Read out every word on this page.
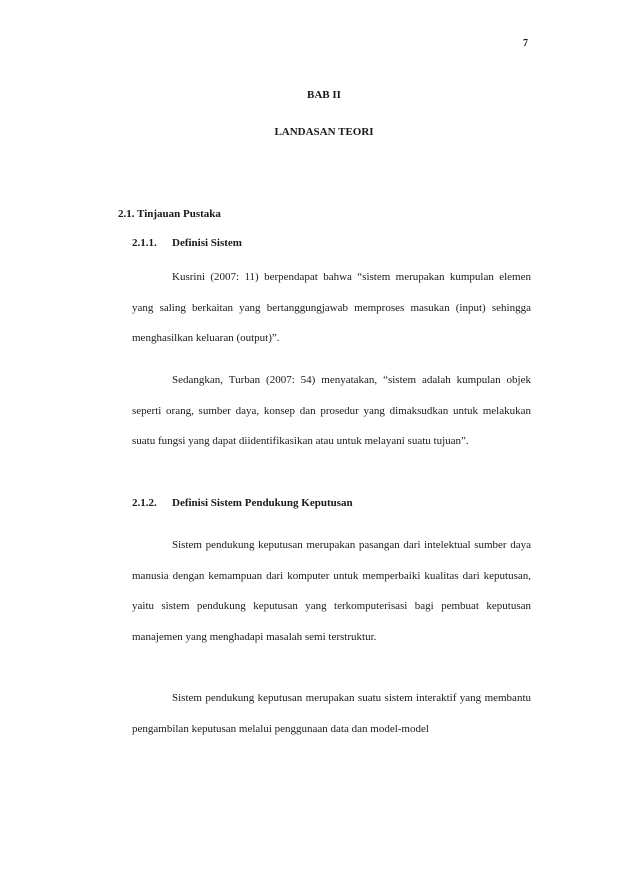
7
BAB II
LANDASAN TEORI
2.1. Tinjauan Pustaka
2.1.1. Definisi Sistem

Kusrini (2007: 11) berpendapat bahwa “sistem merupakan kumpulan elemen yang saling berkaitan yang bertanggungjawab memproses masukan (input) sehingga menghasilkan keluaran (output)”.

Sedangkan, Turban (2007: 54) menyatakan, “sistem adalah kumpulan objek seperti orang, sumber daya, konsep dan prosedur yang dimaksudkan untuk melakukan suatu fungsi yang dapat diidentifikasikan atau untuk melayani suatu tujuan”.

2.1.2. Definisi Sistem Pendukung Keputusan

Sistem pendukung keputusan merupakan pasangan dari intelektual sumber daya manusia dengan kemampuan dari komputer untuk memperbaiki kualitas dari keputusan, yaitu sistem pendukung keputusan yang terkomputerisasi bagi pembuat keputusan manajemen yang menghadapi masalah semi terstruktur.

Sistem pendukung keputusan merupakan suatu sistem interaktif yang membantu pengambilan keputusan melalui penggunaan data dan model-model
